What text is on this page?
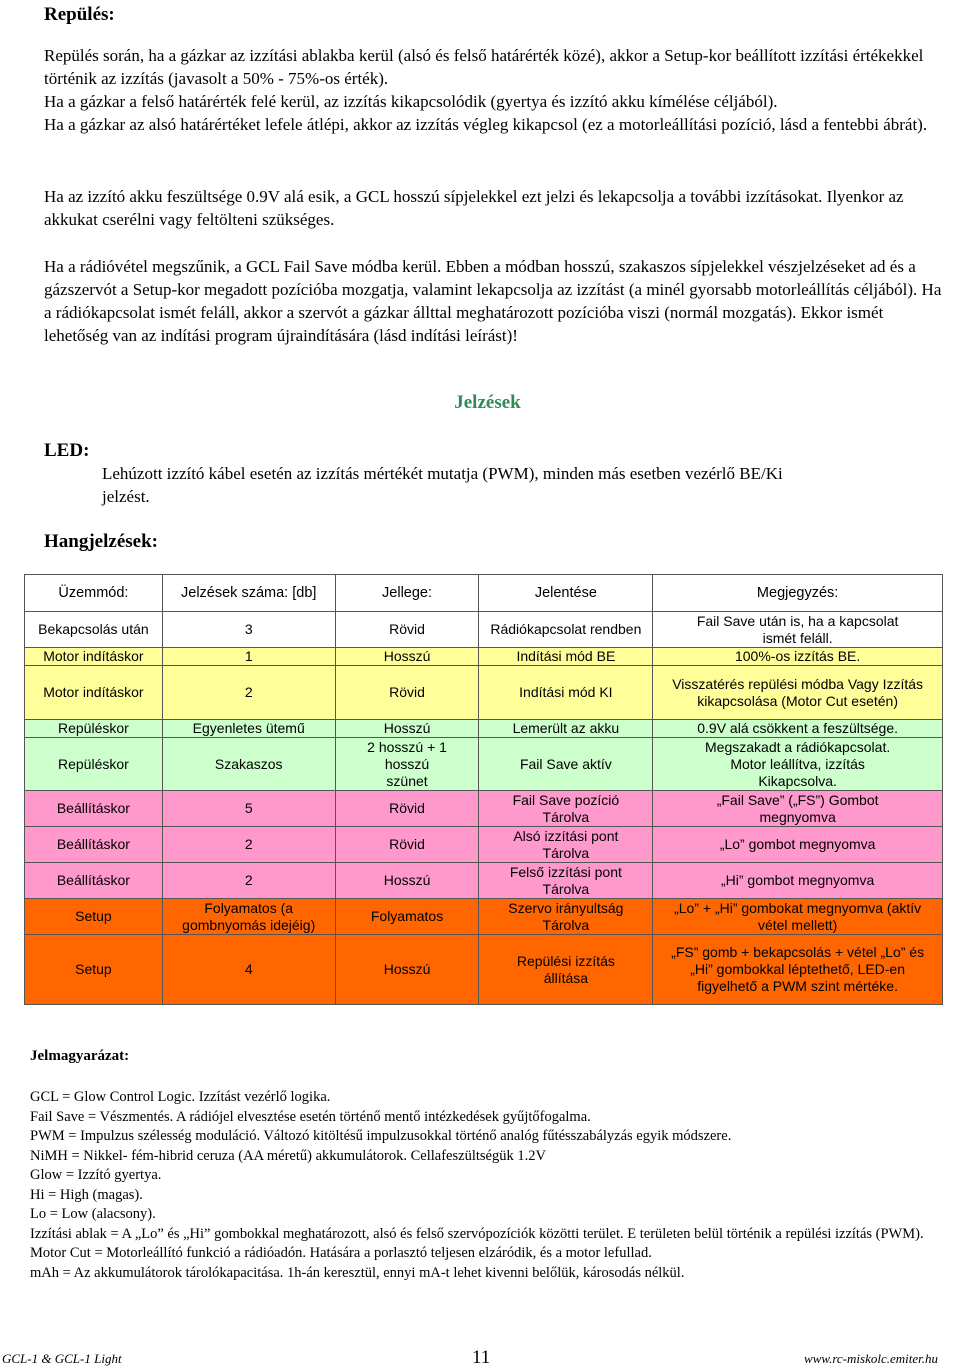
Repülés:
Repülés során, ha a gázkar az izzítási ablakba kerül (alsó és felső határérték közé), akkor a Setup-kor beállított izzítási értékekkel történik az izzítás (javasolt a 50% - 75%-os érték).
Ha a gázkar a felső határérték felé kerül, az izzítás kikapcsolódik (gyertya és izzító akku kímélése céljából).
Ha a gázkar az alsó határértéket lefele átlépi, akkor az izzítás végleg kikapcsol (ez a motorleállítási pozíció, lásd a fentebbi ábrát).
Ha az izzító akku feszültsége 0.9V alá esik, a GCL hosszú sípjelekkel ezt jelzi és lekapcsolja a további izzításokat. Ilyenkor az akkukat cserélni vagy feltölteni szükséges.
Ha a rádióvétel megszűnik, a GCL Fail Save módba kerül. Ebben a módban hosszú, szakaszos sípjelekkel vészjelzéseket ad és a gázszervót a Setup-kor megadott pozícióba mozgatja, valamint lekapcsolja az izzítást (a minél gyorsabb motorleállítás céljából). Ha a rádiókapcsolat ismét feláll, akkor a szervót a gázkar állttal meghatározott pozícióba viszi (normál mozgatás). Ekkor ismét lehetőség van az indítási program újraindítására (lásd indítási leírást)!
Jelzések
LED:
Lehúzott izzító kábel esetén az izzítás mértékét mutatja (PWM), minden más esetben vezérlő BE/Ki jelzést.
Hangjelzések:
Üzemmód:	Jelzések száma: [db]	Jellege:	Jelentése	Megjegyzés:
Bekapcsolás után	3	Rövid	Rádiókapcsolat rendben	Fail Save után is, ha a kapcsolat ismét feláll.
Motor indításkor	1	Hosszú	Indítási mód BE	100%-os izzítás BE.
Motor indításkor	2	Rövid	Indítási mód KI	Visszatérés repülési módba Vagy Izzítás kikapcsolása (Motor Cut esetén)
Repüléskor	Egyenletes ütemű	Hosszú	Lemerült az akku	0.9V alá csökkent a feszültsége.
Repüléskor	Szakaszos	2 hosszú + 1 hosszú szünet	Fail Save aktív	Megszakadt a rádiókapcsolat. Motor leállítva, izzítás Kikapcsolva.
Beállításkor	5	Rövid	Fail Save pozíció Tárolva	„Fail Save” („FS”) Gombot megnyomva
Beállításkor	2	Rövid	Alsó izzítási pont Tárolva	„Lo” gombot megnyomva
Beállításkor	2	Hosszú	Felső izzítási pont Tárolva	„Hi” gombot megnyomva
Setup	Folyamatos (a gombnyomás idejéig)	Folyamatos	Szervo irányultság Tárolva	„Lo” + „Hi” gombokat megnyomva (aktív vétel mellett)
Setup	4	Hosszú	Repülési izzítás állítása	„FS” gomb + bekapcsolás + vétel „Lo” és „Hi” gombokkal léptethető, LED-en figyelhető a PWM szint mértéke.
Jelmagyarázat:
GCL = Glow Control Logic. Izzítást vezérlő logika.
Fail Save = Vészmentés. A rádiójel elvesztése esetén történő mentő intézkedések gyűjtőfogalma.
PWM = Impulzus szélesség moduláció. Változó kitöltésű impulzusokkal történő analóg fűtésszabályzás egyik módszere.
NiMH = Nikkel- fém-hibrid ceruza (AA méretű) akkumulátorok. Cellafeszültségük 1.2V
Glow = Izzító gyertya.
Hi = High (magas).
Lo = Low (alacsony).
Izzítási ablak = A „Lo” és „Hi” gombokkal meghatározott, alsó és felső szervópozíciók közötti terület. E területen belül történik a repülési izzítás (PWM).
Motor Cut = Motorleállító funkció a rádióadón. Hatására a porlasztó teljesen elzáródik, és a motor lefullad.
mAh = Az akkumulátorok tárolókapacitása. 1h-án keresztül, ennyi mA-t lehet kivenni belőlük, károsodás nélkül.
GCL-1 & GCL-1 Light	11	www.rc-miskolc.emiter.hu
